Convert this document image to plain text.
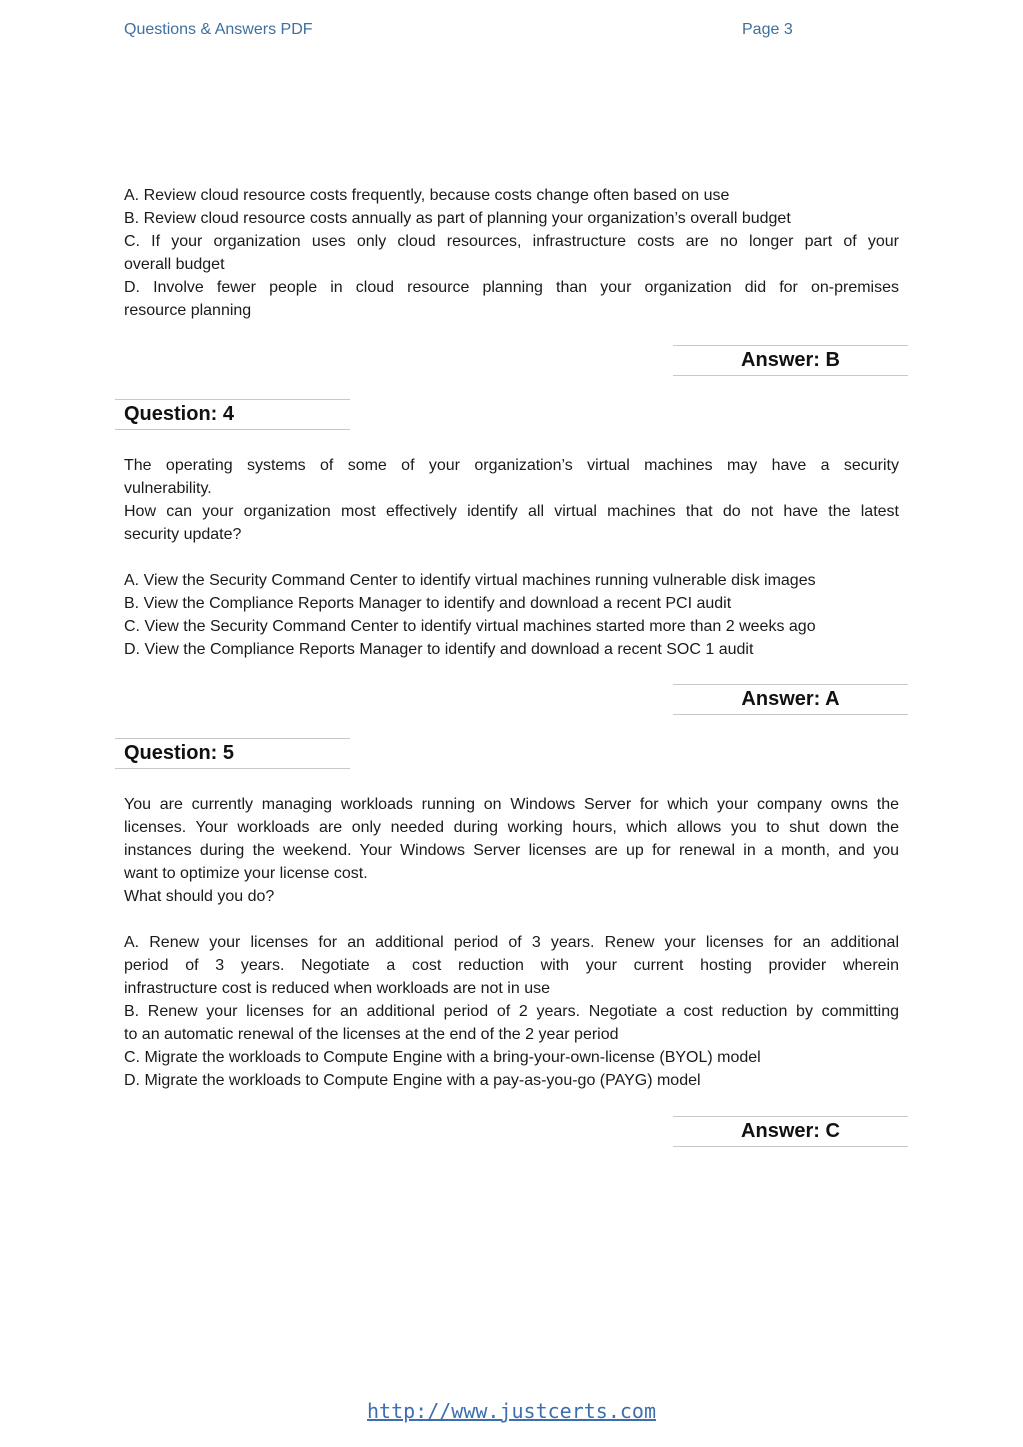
Questions & Answers PDF	Page 3
A. Review cloud resource costs frequently, because costs change often based on use
B. Review cloud resource costs annually as part of planning your organization’s overall budget
C. If your organization uses only cloud resources, infrastructure costs are no longer part of your
overall budget
D. Involve fewer people in cloud resource planning than your organization did for on-premises
resource planning
Answer: B
Question: 4
The operating systems of some of your organization’s virtual machines may have a security
vulnerability.
How can your organization most effectively identify all virtual machines that do not have the latest
security update?
A. View the Security Command Center to identify virtual machines running vulnerable disk images
B. View the Compliance Reports Manager to identify and download a recent PCI audit
C. View the Security Command Center to identify virtual machines started more than 2 weeks ago
D. View the Compliance Reports Manager to identify and download a recent SOC 1 audit
Answer: A
Question: 5
You are currently managing workloads running on Windows Server for which your company owns the
licenses. Your workloads are only needed during working hours, which allows you to shut down the
instances during the weekend. Your Windows Server licenses are up for renewal in a month, and you
want to optimize your license cost.
What should you do?
A. Renew your licenses for an additional period of 3 years. Renew your licenses for an additional
period of 3 years. Negotiate a cost reduction with your current hosting provider wherein
infrastructure cost is reduced when workloads are not in use
B. Renew your licenses for an additional period of 2 years. Negotiate a cost reduction by committing
to an automatic renewal of the licenses at the end of the 2 year period
C. Migrate the workloads to Compute Engine with a bring-your-own-license (BYOL) model
D. Migrate the workloads to Compute Engine with a pay-as-you-go (PAYG) model
Answer: C
http://www.justcerts.com
